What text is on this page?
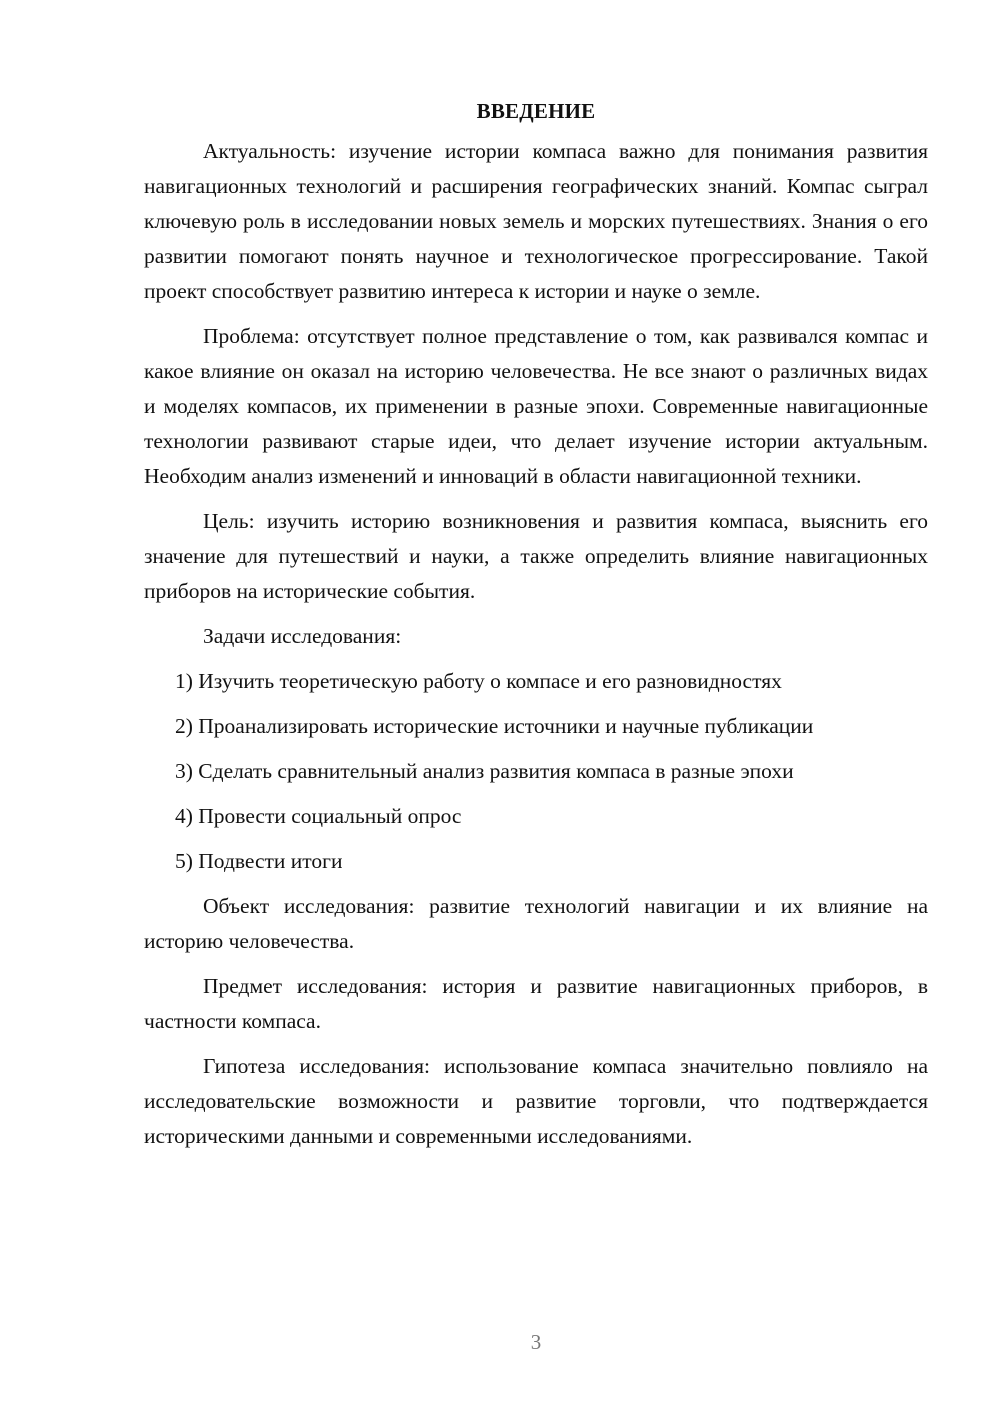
ВВЕДЕНИЕ

Актуальность: изучение истории компаса важно для понимания развития навигационных технологий и расширения географических знаний. Компас сыграл ключевую роль в исследовании новых земель и морских путешествиях. Знания о его развитии помогают понять научное и технологическое прогрессирование. Такой проект способствует развитию интереса к истории и науке о земле.

Проблема: отсутствует полное представление о том, как развивался компас и какое влияние он оказал на историю человечества. Не все знают о различных видах и моделях компасов, их применении в разные эпохи. Современные навигационные технологии развивают старые идеи, что делает изучение истории актуальным. Необходим анализ изменений и инноваций в области навигационной техники.

Цель: изучить историю возникновения и развития компаса, выяснить его значение для путешествий и науки, а также определить влияние навигационных приборов на исторические события.

Задачи исследования:

1) Изучить теоретическую работу о компасе и его разновидностях
2) Проанализировать исторические источники и научные публикации
3) Сделать сравнительный анализ развития компаса в разные эпохи
4) Провести социальный опрос
5) Подвести итоги

Объект исследования: развитие технологий навигации и их влияние на историю человечества.

Предмет исследования: история и развитие навигационных приборов, в частности компаса.

Гипотеза исследования: использование компаса значительно повлияло на исследовательские возможности и развитие торговли, что подтверждается историческими данными и современными исследованиями.

3
